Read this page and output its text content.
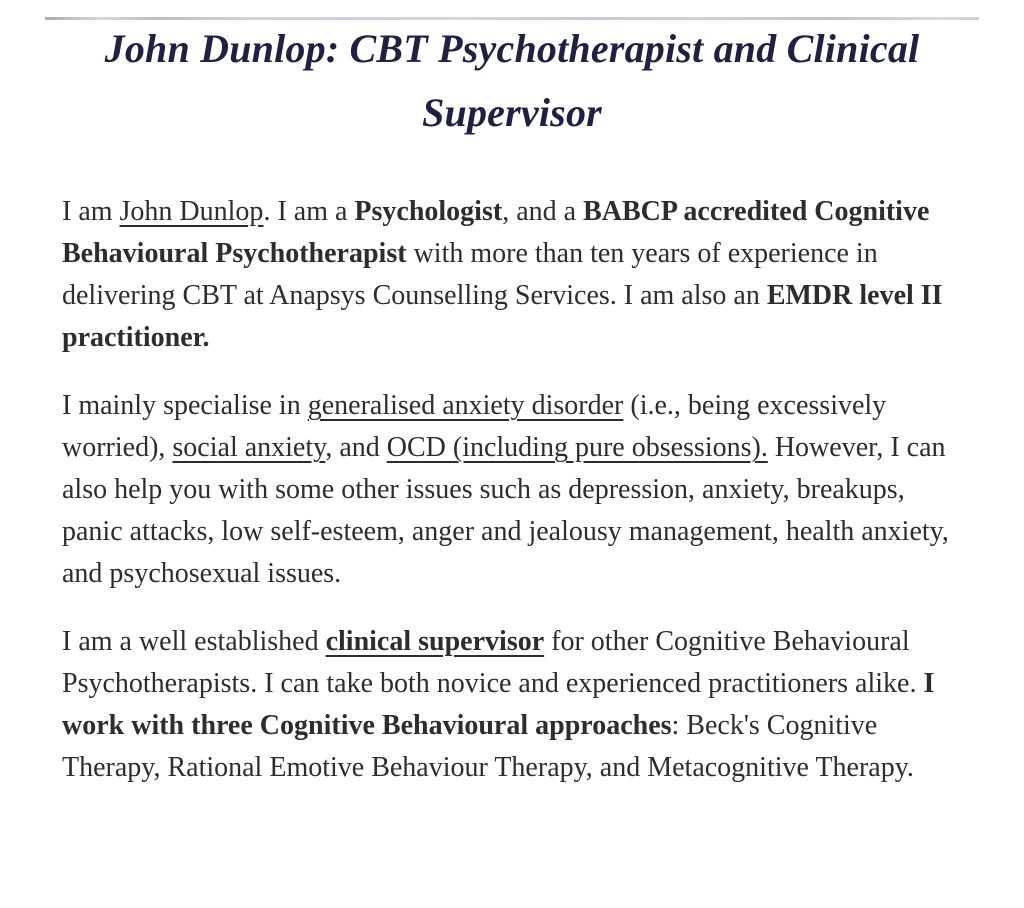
John Dunlop: CBT Psychotherapist and Clinical Supervisor

I am John Dunlop. I am a Psychologist, and a BABCP accredited Cognitive Behavioural Psychotherapist with more than ten years of experience in delivering CBT at Anapsys Counselling Services. I am also an EMDR level II practitioner.

I mainly specialise in generalised anxiety disorder (i.e., being excessively worried), social anxiety, and OCD (including pure obsessions). However, I can also help you with some other issues such as depression, anxiety, breakups, panic attacks, low self-esteem, anger and jealousy management, health anxiety, and psychosexual issues.

I am a well established clinical supervisor for other Cognitive Behavioural Psychotherapists. I can take both novice and experienced practitioners alike. I work with three Cognitive Behavioural approaches: Beck's Cognitive Therapy, Rational Emotive Behaviour Therapy, and Metacognitive Therapy.
